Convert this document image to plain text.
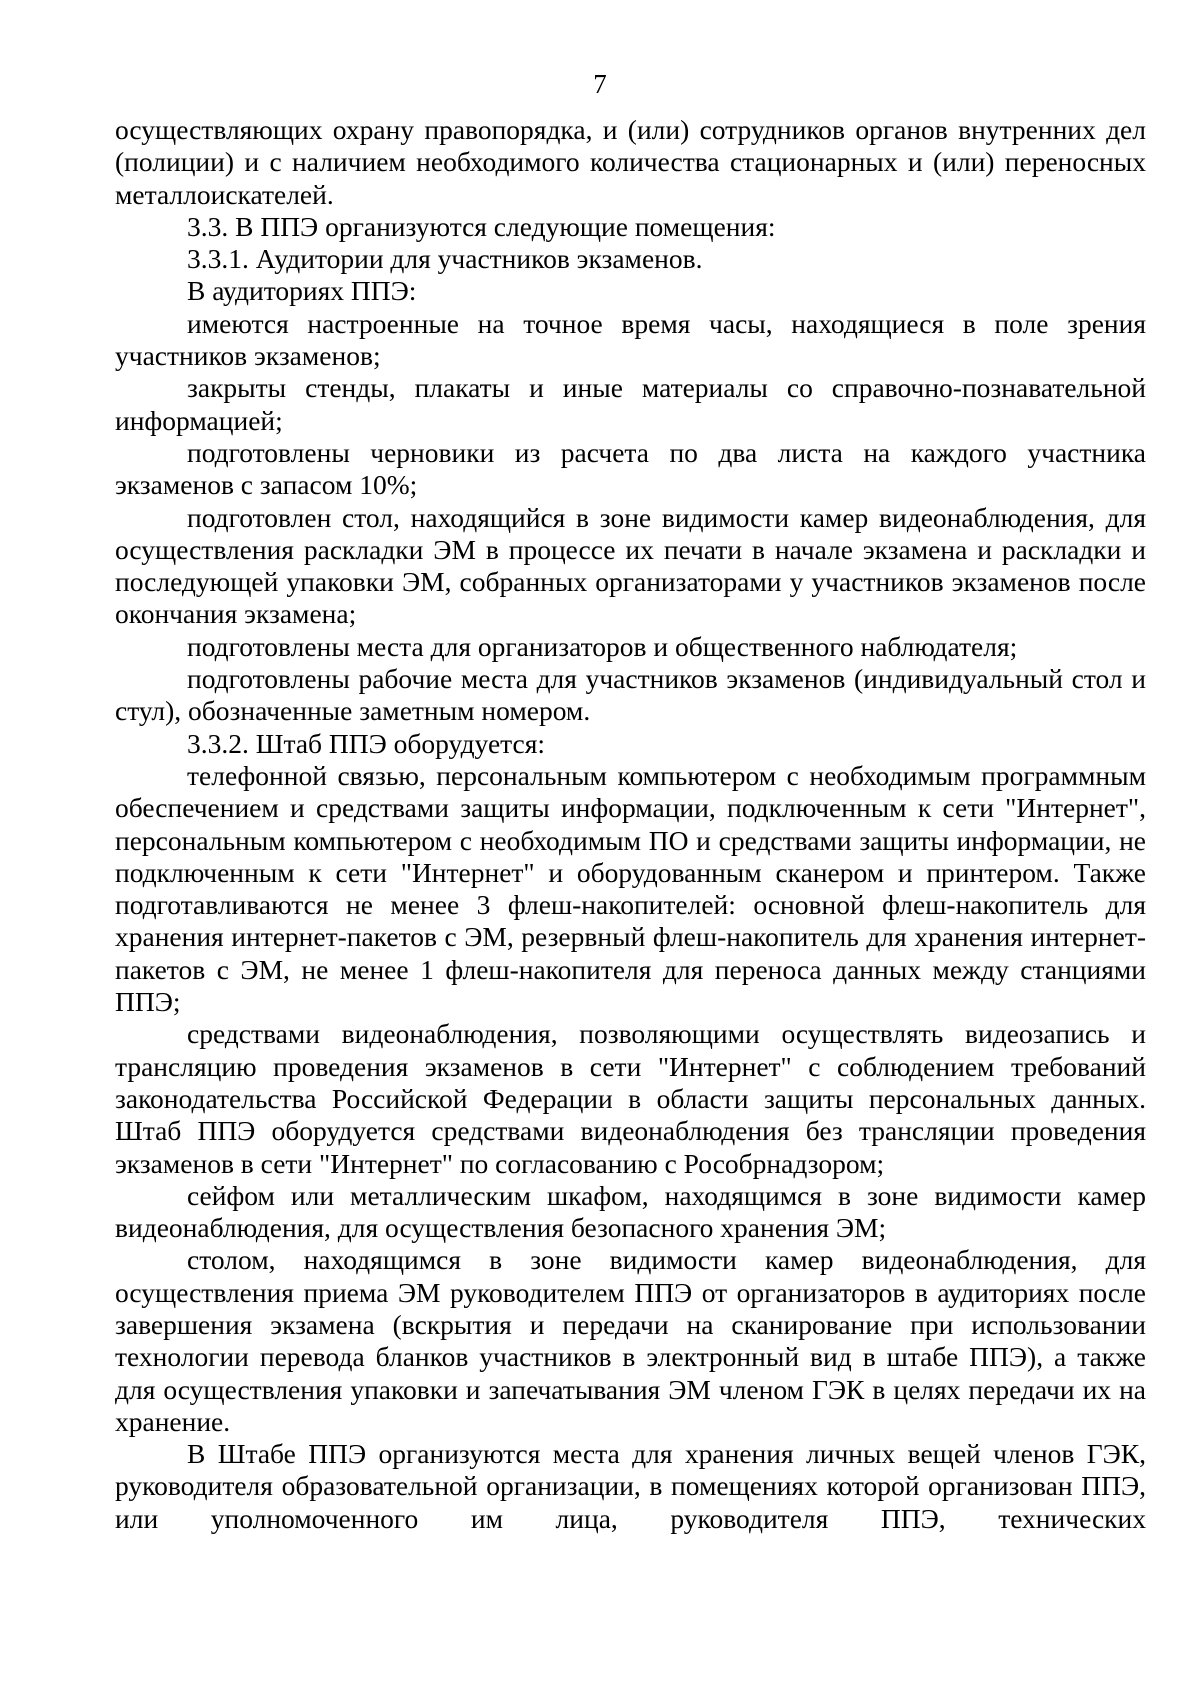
7

осуществляющих охрану правопорядка, и (или) сотрудников органов внутренних дел (полиции) и с наличием необходимого количества стационарных и (или) переносных металлоискателей.

3.3. В ППЭ организуются следующие помещения:

3.3.1. Аудитории для участников экзаменов.

В аудиториях ППЭ:

имеются настроенные на точное время часы, находящиеся в поле зрения участников экзаменов;

закрыты стенды, плакаты и иные материалы со справочно-познавательной информацией;

подготовлены черновики из расчета по два листа на каждого участника экзаменов с запасом 10%;

подготовлен стол, находящийся в зоне видимости камер видеонаблюдения, для осуществления раскладки ЭМ в процессе их печати в начале экзамена и раскладки и последующей упаковки ЭМ, собранных организаторами у участников экзаменов после окончания экзамена;

подготовлены места для организаторов и общественного наблюдателя;

подготовлены рабочие места для участников экзаменов (индивидуальный стол и стул), обозначенные заметным номером.

3.3.2. Штаб ППЭ оборудуется:

телефонной связью, персональным компьютером с необходимым программным обеспечением и средствами защиты информации, подключенным к сети "Интернет", персональным компьютером с необходимым ПО и средствами защиты информации, не подключенным к сети "Интернет" и оборудованным сканером и принтером. Также подготавливаются не менее 3 флеш-накопителей: основной флеш-накопитель для хранения интернет-пакетов с ЭМ, резервный флеш-накопитель для хранения интернет-пакетов с ЭМ, не менее 1 флеш-накопителя для переноса данных между станциями ППЭ;

средствами видеонаблюдения, позволяющими осуществлять видеозапись и трансляцию проведения экзаменов в сети "Интернет" с соблюдением требований законодательства Российской Федерации в области защиты персональных данных. Штаб ППЭ оборудуется средствами видеонаблюдения без трансляции проведения экзаменов в сети "Интернет" по согласованию с Рособрнадзором;

сейфом или металлическим шкафом, находящимся в зоне видимости камер видеонаблюдения, для осуществления безопасного хранения ЭМ;

столом, находящимся в зоне видимости камер видеонаблюдения, для осуществления приема ЭМ руководителем ППЭ от организаторов в аудиториях после завершения экзамена (вскрытия и передачи на сканирование при использовании технологии перевода бланков участников в электронный вид в штабе ППЭ), а также для осуществления упаковки и запечатывания ЭМ членом ГЭК в целях передачи их на хранение.

В Штабе ППЭ организуются места для хранения личных вещей членов ГЭК, руководителя образовательной организации, в помещениях которой организован ППЭ, или уполномоченного им лица, руководителя ППЭ, технических
